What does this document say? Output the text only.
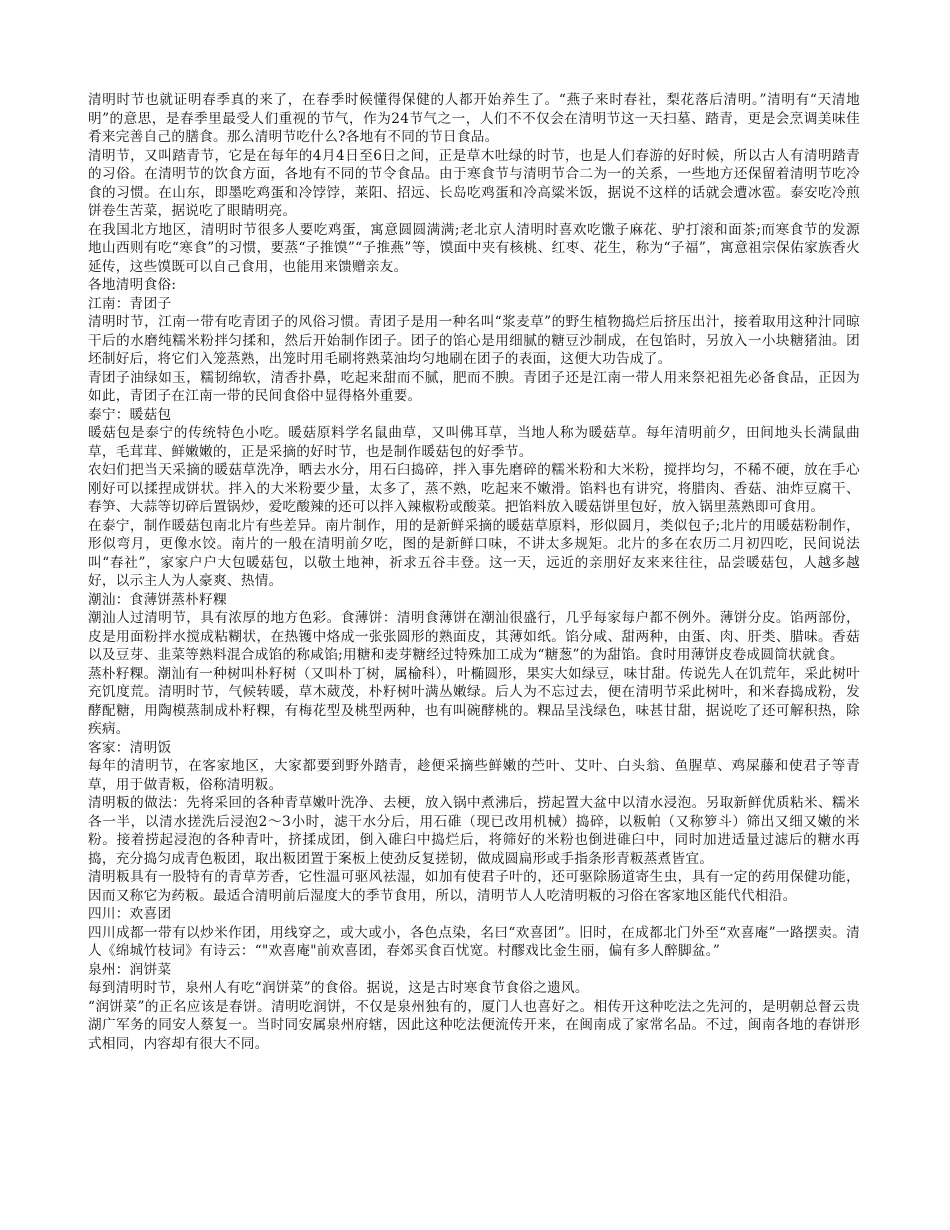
清明时节也就证明春季真的来了，在春季时候懂得保健的人都开始养生了。“燕子来时春社，梨花落后清明。”清明有“天清地明”的意思，是春季里最受人们重视的节气，作为24节气之一，人们不不仅会在清明节这一天扫墓、踏青，更是会烹调美味佳肴来完善自己的膳食。那么清明节吃什么?各地有不同的节日食品。

清明节，又叫踏青节，它是在每年的4月4日至6日之间，正是草木吐绿的时节，也是人们春游的好时候，所以古人有清明踏青的习俗。在清明节的饮食方面，各地有不同的节令食品。由于寒食节与清明节合二为一的关系，一些地方还保留着清明节吃冷食的习惯。在山东，即墨吃鸡蛋和冷饽饽，莱阳、招远、长岛吃鸡蛋和冷高粱米饭，据说不这样的话就会遭冰雹。泰安吃冷煎饼卷生苦菜，据说吃了眼睛明亮。

在我国北方地区，清明时节很多人要吃鸡蛋，寓意圆圆满满;老北京人清明时喜欢吃馓子麻花、驴打滚和面茶;而寒食节的发源地山西则有吃“寒食”的习惯，要蒸“子推馍”“子推燕”等，馍面中夹有核桃、红枣、花生，称为“子福”，寓意祖宗保佑家族香火延传，这些馍既可以自己食用，也能用来馈赠亲友。

各地清明食俗:

江南：青团子

清明时节，江南一带有吃青团子的风俗习惯。青团子是用一种名叫“浆麦草”的野生植物捣烂后挤压出汁，接着取用这种汁同晾干后的水磨纯糯米粉拌匀揉和，然后开始制作团子。团子的馅心是用细腻的糖豆沙制成，在包馅时，另放入一小块糖猪油。团坯制好后，将它们入笼蒸熟，出笼时用毛刷将熟菜油均匀地刷在团子的表面，这便大功告成了。

青团子油绿如玉，糯韧绵软，清香扑鼻，吃起来甜而不腻，肥而不腴。青团子还是江南一带人用来祭祀祖先必备食品，正因为如此，青团子在江南一带的民间食俗中显得格外重要。

泰宁：暖菇包

暖菇包是泰宁的传统特色小吃。暖菇原料学名鼠曲草，又叫佛耳草，当地人称为暖菇草。每年清明前夕，田间地头长满鼠曲草，毛茸茸、鲜嫩嫩的，正是采摘的好时节，也是制作暖菇包的好季节。

农妇们把当天采摘的暖菇草洗净，晒去水分，用石臼捣碎，拌入事先磨碎的糯米粉和大米粉，搅拌均匀，不稀不硬，放在手心刚好可以揉捏成饼状。拌入的大米粉要少量，太多了，蒸不熟，吃起来不嫩滑。馅料也有讲究，将腊肉、香菇、油炸豆腐干、春笋、大蒜等切碎后置锅炒，爱吃酸辣的还可以拌入辣椒粉或酸菜。把馅料放入暖菇饼里包好，放入锅里蒸熟即可食用。

在泰宁，制作暖菇包南北片有些差异。南片制作，用的是新鲜采摘的暖菇草原料，形似圆月，类似包子;北片的用暖菇粉制作，形似弯月，更像水饺。南片的一般在清明前夕吃，图的是新鲜口味，不讲太多规矩。北片的多在农历二月初四吃，民间说法叫“春社”，家家户户大包暖菇包，以敬土地神，祈求五谷丰登。这一天，远近的亲朋好友来来往往，品尝暖菇包，人越多越好，以示主人为人豪爽、热情。

潮汕：食薄饼蒸朴籽粿

潮汕人过清明节，具有浓厚的地方色彩。食薄饼：清明食薄饼在潮汕很盛行，几乎每家每户都不例外。薄饼分皮。馅两部份，皮是用面粉拌水搅成粘糊状，在热镬中烙成一张张圆形的熟面皮，其薄如纸。馅分咸、甜两种，由蛋、肉、肝类、腊味。香菇以及豆芽、韭菜等熟料混合成馅的称咸馅;用糖和麦芽糖经过特殊加工成为“糖葱”的为甜馅。食时用薄饼皮卷成圆筒状就食。

蒸朴籽粿。潮汕有一种树叫朴籽树（又叫朴丁树，属榆科），叶椭圆形，果实大如绿豆，味甘甜。传说先人在饥荒年，采此树叶充饥度荒。清明时节，气候转暖，草木葳茂，朴籽树叶满丛嫩绿。后人为不忘过去，便在清明节采此树叶，和米舂捣成粉，发酵配糖，用陶模蒸制成朴籽粿，有梅花型及桃型两种，也有叫碗酵桃的。粿品呈浅绿色，味甚甘甜，据说吃了还可解积热，除疾病。

客家：清明饭

每年的清明节，在客家地区，大家都要到野外踏青，趁便采摘些鲜嫩的苎叶、艾叶、白头翁、鱼腥草、鸡屎藤和使君子等青草，用于做青粄，俗称清明粄。

清明粄的做法：先将采回的各种青草嫩叶洗净、去梗，放入锅中煮沸后，捞起置大盆中以清水浸泡。另取新鲜优质粘米、糯米各一半，以清水搓洗后浸泡2～3小时，滤干水分后，用石碓（现已改用机械）捣碎，以粄帕（又称箩斗）筛出又细又嫩的米粉。接着捞起浸泡的各种青叶，挤揉成团，倒入碓臼中捣烂后，将筛好的米粉也倒进碓臼中，同时加进适量过滤后的糖水再捣，充分捣匀成青色粄团，取出粄团置于案板上使劲反复搓韧，做成圆扁形或手指条形青粄蒸煮皆宜。

清明粄具有一股特有的青草芳香，它性温可驱风祛湿，如加有使君子叶的，还可驱除肠道寄生虫，具有一定的药用保健功能，因而又称它为药粄。最适合清明前后湿度大的季节食用，所以，清明节人人吃清明粄的习俗在客家地区能代代相沿。

四川：欢喜团

四川成都一带有以炒米作团，用线穿之，或大或小，各色点染，名曰“欢喜团”。旧时，在成都北门外至“欢喜庵”一路摆卖。清人《绵城竹枝词》有诗云：“"欢喜庵"前欢喜团，春郊买食百忧宽。村醪戏比金生丽，偏有多人醉脚盆。”

泉州：润饼菜

每到清明时节，泉州人有吃“润饼菜”的食俗。据说，这是古时寒食节食俗之遗风。

“润饼菜”的正名应该是春饼。清明吃润饼，不仅是泉州独有的，厦门人也喜好之。相传开这种吃法之先河的，是明朝总督云贵湖广军务的同安人蔡复一。当时同安属泉州府辖，因此这种吃法便流传开来，在闽南成了家常名品。不过，闽南各地的春饼形式相同，内容却有很大不同。
